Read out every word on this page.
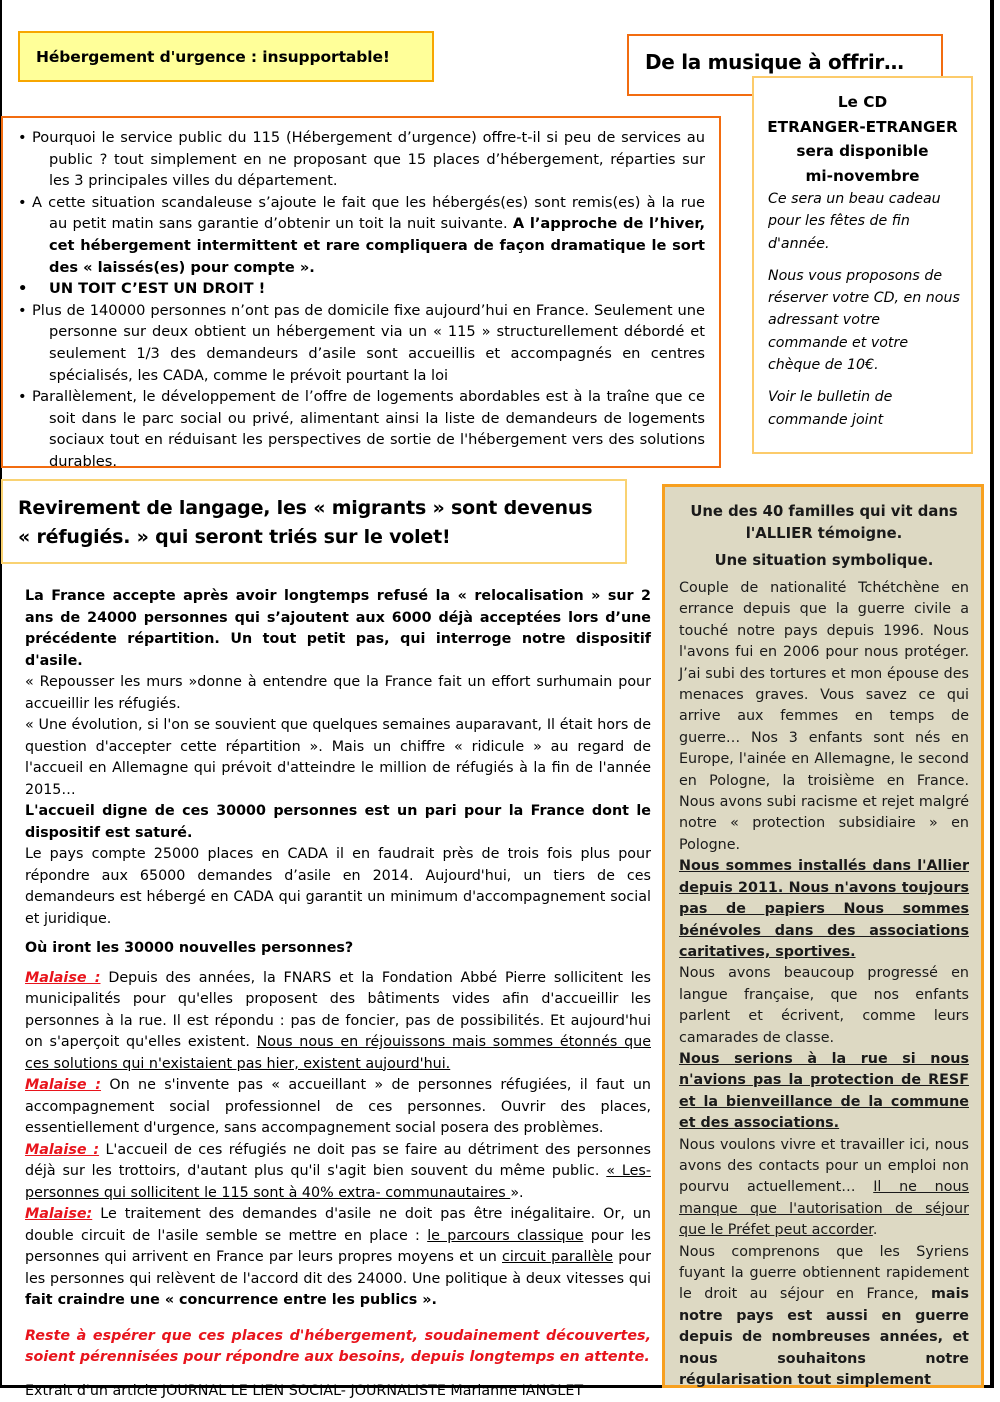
Hébergement d'urgence : insupportable!	De la musique à offrir…
Le CD
ETRANGER-ETRANGER
sera disponible
mi-novembre

Ce sera un beau cadeau pour les fêtes de fin d'année.

Nous vous proposons de réserver votre CD, en nous adressant votre commande et votre chèque de 10€.

Voir le bulletin de commande joint

• Pourquoi le service public du 115 (Hébergement d’urgence) offre-t-il si peu de services au public ? tout simplement en ne proposant que 15 places d’hébergement, réparties sur les 3 principales villes du département.
• A cette situation scandaleuse s’ajoute le fait que les hébergés(es) sont remis(es) à la rue au petit matin sans garantie d’obtenir un toit la nuit suivante. A l’approche de l’hiver, cet hébergement intermittent et rare compliquera de façon dramatique le sort des « laissés(es) pour compte ».
• UN TOIT C’EST UN DROIT !
• Plus de 140000 personnes n’ont pas de domicile fixe aujourd’hui en France. Seulement une personne sur deux obtient un hébergement via un « 115 » structurellement débordé et seulement 1/3 des demandeurs d’asile sont accueillis et accompagnés en centres spécialisés, les CADA, comme le prévoit pourtant la loi
• Parallèlement, le développement de l’offre de logements abordables est à la traîne que ce soit dans le parc social ou privé, alimentant ainsi la liste de demandeurs de logements sociaux tout en réduisant les perspectives de sortie de l'hébergement vers des solutions durables.
Revirement de langage, les « migrants » sont devenus
« réfugiés. » qui seront triés sur le volet!

La France accepte après avoir longtemps refusé la « relocalisation » sur 2 ans de 24000 personnes qui s’ajoutent aux 6000 déjà acceptées lors d’une précédente répartition. Un tout petit pas, qui interroge notre dispositif d'asile.

« Repousser les murs »donne à entendre que la France fait un effort surhumain pour accueillir les réfugiés.

« Une évolution, si l'on se souvient que quelques semaines auparavant, Il était hors de question d'accepter cette répartition ». Mais un chiffre « ridicule » au regard de l'accueil en Allemagne qui prévoit d'atteindre le million de réfugiés à la fin de l'année 2015…

L'accueil digne de ces 30000 personnes est un pari pour la France dont le dispositif est saturé.

Le pays compte 25000 places en CADA il en faudrait près de trois fois plus pour répondre aux 65000 demandes d’asile en 2014. Aujourd'hui, un tiers de ces demandeurs est hébergé en CADA qui garantit un minimum d'accompagnement social et juridique.

Où iront les 30000 nouvelles personnes?

Malaise : Depuis des années, la FNARS et la Fondation Abbé Pierre sollicitent les municipalités pour qu'elles proposent des bâtiments vides afin d'accueillir les personnes à la rue. Il est répondu : pas de foncier, pas de possibilités. Et aujourd'hui on s'aperçoit qu'elles existent. Nous nous en réjouissons mais sommes étonnés que ces solutions qui n'existaient pas hier, existent aujourd'hui.

Malaise : On ne s'invente pas « accueillant » de personnes réfugiées, il faut un accompagnement social professionnel de ces personnes. Ouvrir des places, essentiellement d'urgence, sans accompagnement social posera des problèmes.

Malaise : L'accueil de ces réfugiés ne doit pas se faire au détriment des personnes déjà sur les trottoirs, d'autant plus qu'il s'agit bien souvent du même public. « Les- personnes qui sollicitent le 115 sont à 40% extra- communautaires ».

Malaise: Le traitement des demandes d'asile ne doit pas être inégalitaire. Or, un double circuit de l'asile semble se mettre en place : le parcours classique pour les personnes qui arrivent en France par leurs propres moyens et un circuit parallèle pour les personnes qui relèvent de l'accord dit des 24000. Une politique à deux vitesses qui fait craindre une « concurrence entre les publics ».

Reste à espérer que ces places d'hébergement, soudainement découvertes, soient pérennisées pour répondre aux besoins, depuis longtemps en attente.

Extrait d'un article JOURNAL LE LIEN SOCIAL- JOURNALISTE Marianne IANGLET

Une des 40 familles qui vit dans l'ALLIER témoigne.
Une situation symbolique.

Couple de nationalité Tchétchène en errance depuis que la guerre civile a touché notre pays depuis 1996. Nous l'avons fui en 2006 pour nous protéger. J’ai subi des tortures et mon épouse des menaces graves. Vous savez ce qui arrive aux femmes en temps de guerre… Nos 3 enfants sont nés en Europe, l'ainée en Allemagne, le second en Pologne, la troisième en France. Nous avons subi racisme et rejet malgré notre « protection subsidiaire » en Pologne.

Nous sommes installés dans l'Allier depuis 2011. Nous n'avons toujours pas de papiers Nous sommes bénévoles dans des associations caritatives, sportives.

Nous avons beaucoup progressé en langue française, que nos enfants parlent et écrivent, comme leurs camarades de classe.

Nous serions à la rue si nous n'avions pas la protection de RESF et la bienveillance de la commune et des associations.

Nous voulons vivre et travailler ici, nous avons des contacts pour un emploi non pourvu actuellement… Il ne nous manque que l'autorisation de séjour que le Préfet peut accorder.

Nous comprenons que les Syriens fuyant la guerre obtiennent rapidement le droit au séjour en France, mais notre pays est aussi en guerre depuis de nombreuses années, et nous souhaitons notre régularisation tout simplement
